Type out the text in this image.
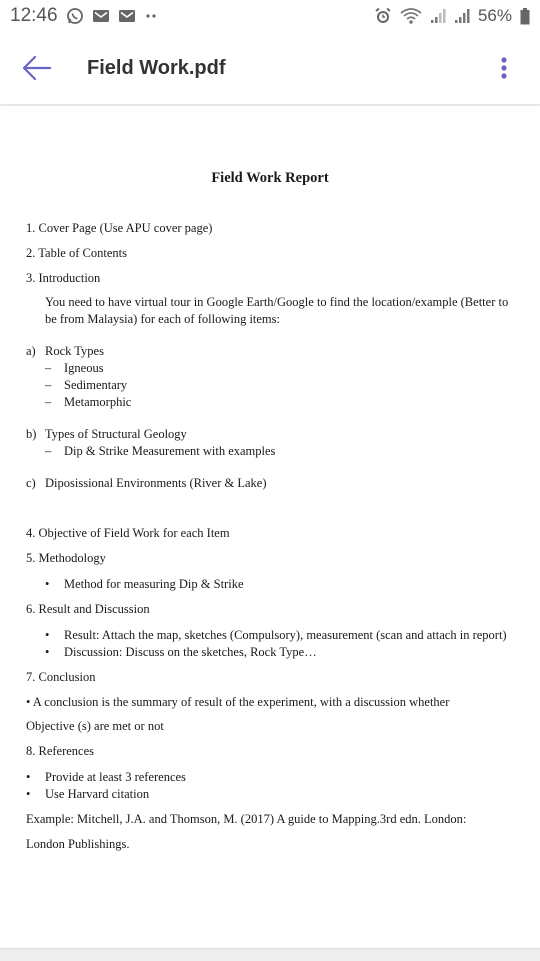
12:46	56%
Field Work.pdf
Field Work Report
1. Cover Page (Use APU cover page)
2. Table of Contents
3. Introduction
You need to have virtual tour in Google Earth/Google to find the location/example (Better to
be from Malaysia) for each of following items:
a) Rock Types
– Igneous
– Sedimentary
– Metamorphic
b) Types of Structural Geology
– Dip & Strike Measurement with examples
c) Diposissional Environments (River & Lake)
4. Objective of Field Work for each Item
5. Methodology
• Method for measuring Dip & Strike
6. Result and Discussion
• Result: Attach the map, sketches (Compulsory), measurement (scan and attach in report)
• Discussion: Discuss on the sketches, Rock Type…
7. Conclusion
• A conclusion is the summary of result of the experiment, with a discussion whether
Objective (s) are met or not
8. References
• Provide at least 3 references
• Use Harvard citation
Example: Mitchell, J.A. and Thomson, M. (2017) A guide to Mapping.3rd edn. London:
London Publishings.
